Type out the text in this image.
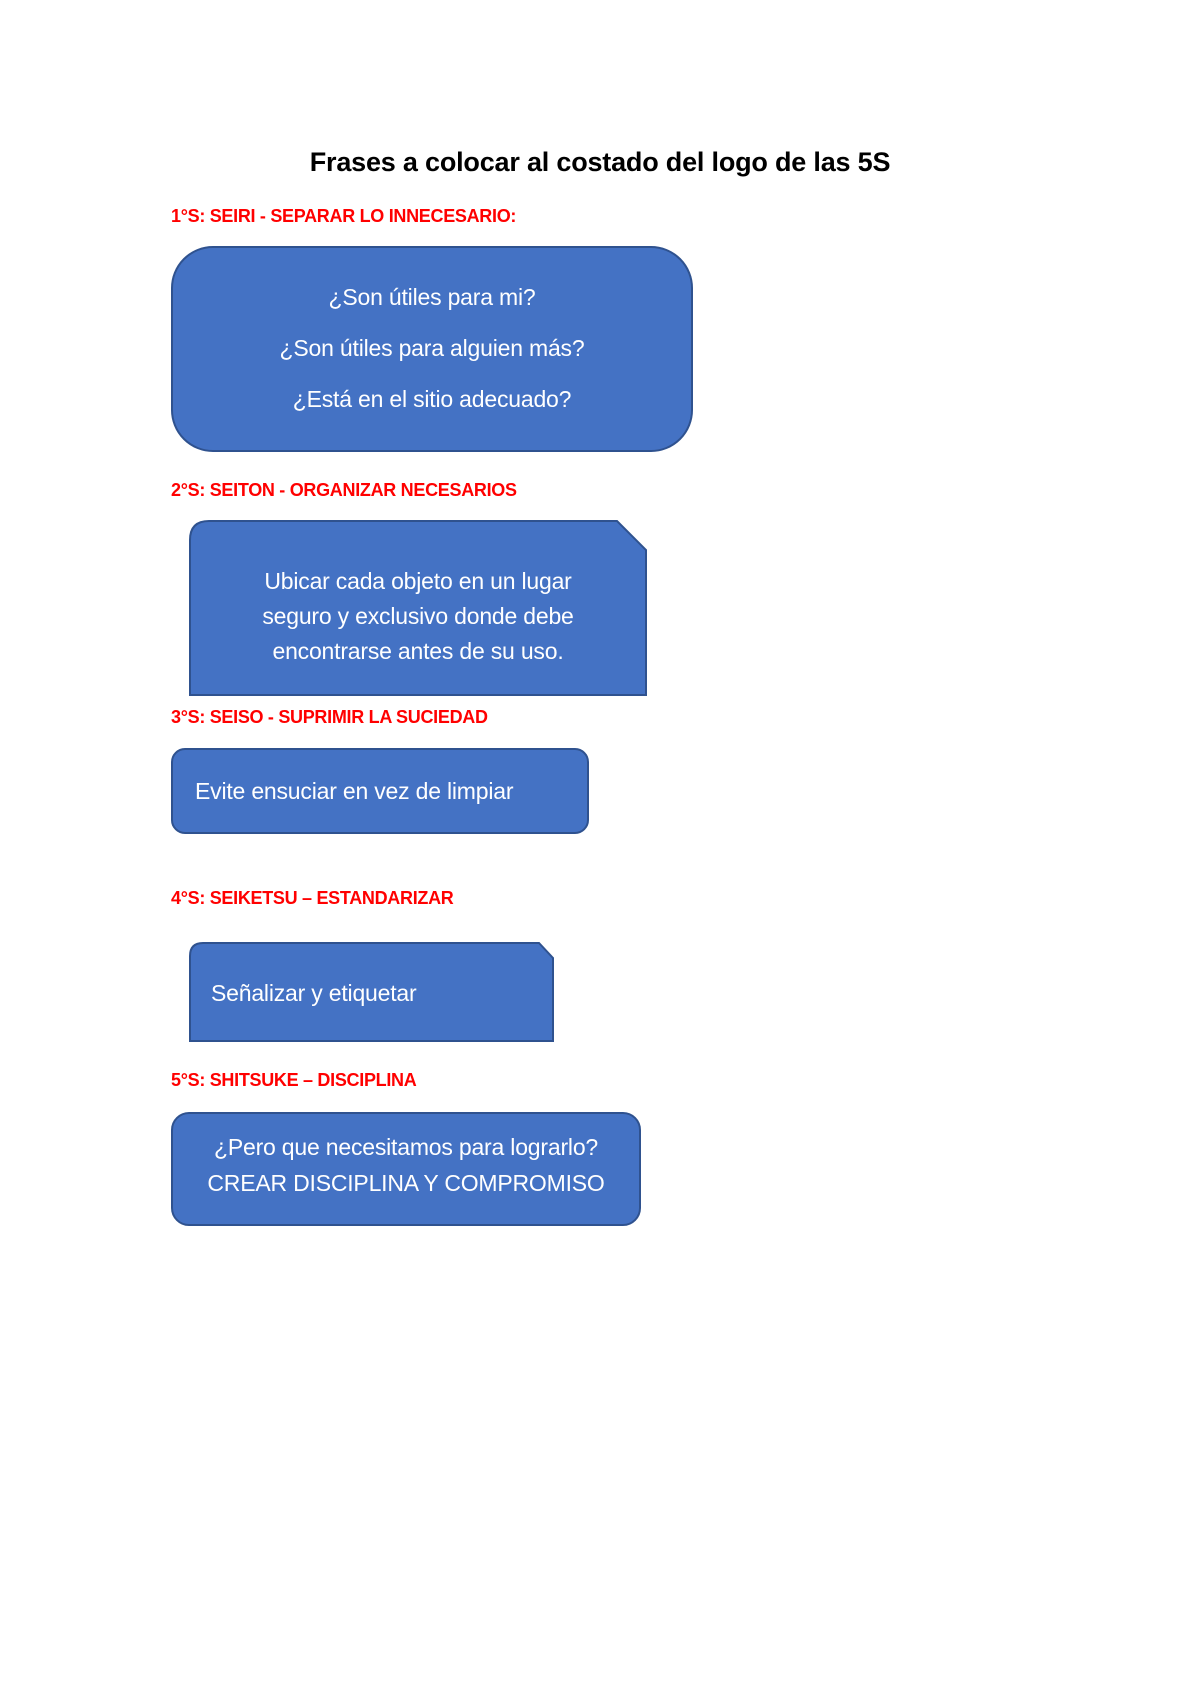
Frases a colocar al costado del logo de las 5S
1°S: SEIRI - SEPARAR LO INNECESARIO:
¿Son útiles para mi?
¿Son útiles para alguien más?
¿Está en el sitio adecuado?
2°S: SEITON - ORGANIZAR NECESARIOS
Ubicar cada objeto en un lugar
seguro y exclusivo donde debe
encontrarse antes de su uso.
3°S: SEISO - SUPRIMIR LA SUCIEDAD
Evite ensuciar en vez de limpiar
4°S: SEIKETSU – ESTANDARIZAR
Señalizar y etiquetar
5°S: SHITSUKE – DISCIPLINA
¿Pero que necesitamos para lograrlo?
CREAR DISCIPLINA Y COMPROMISO
